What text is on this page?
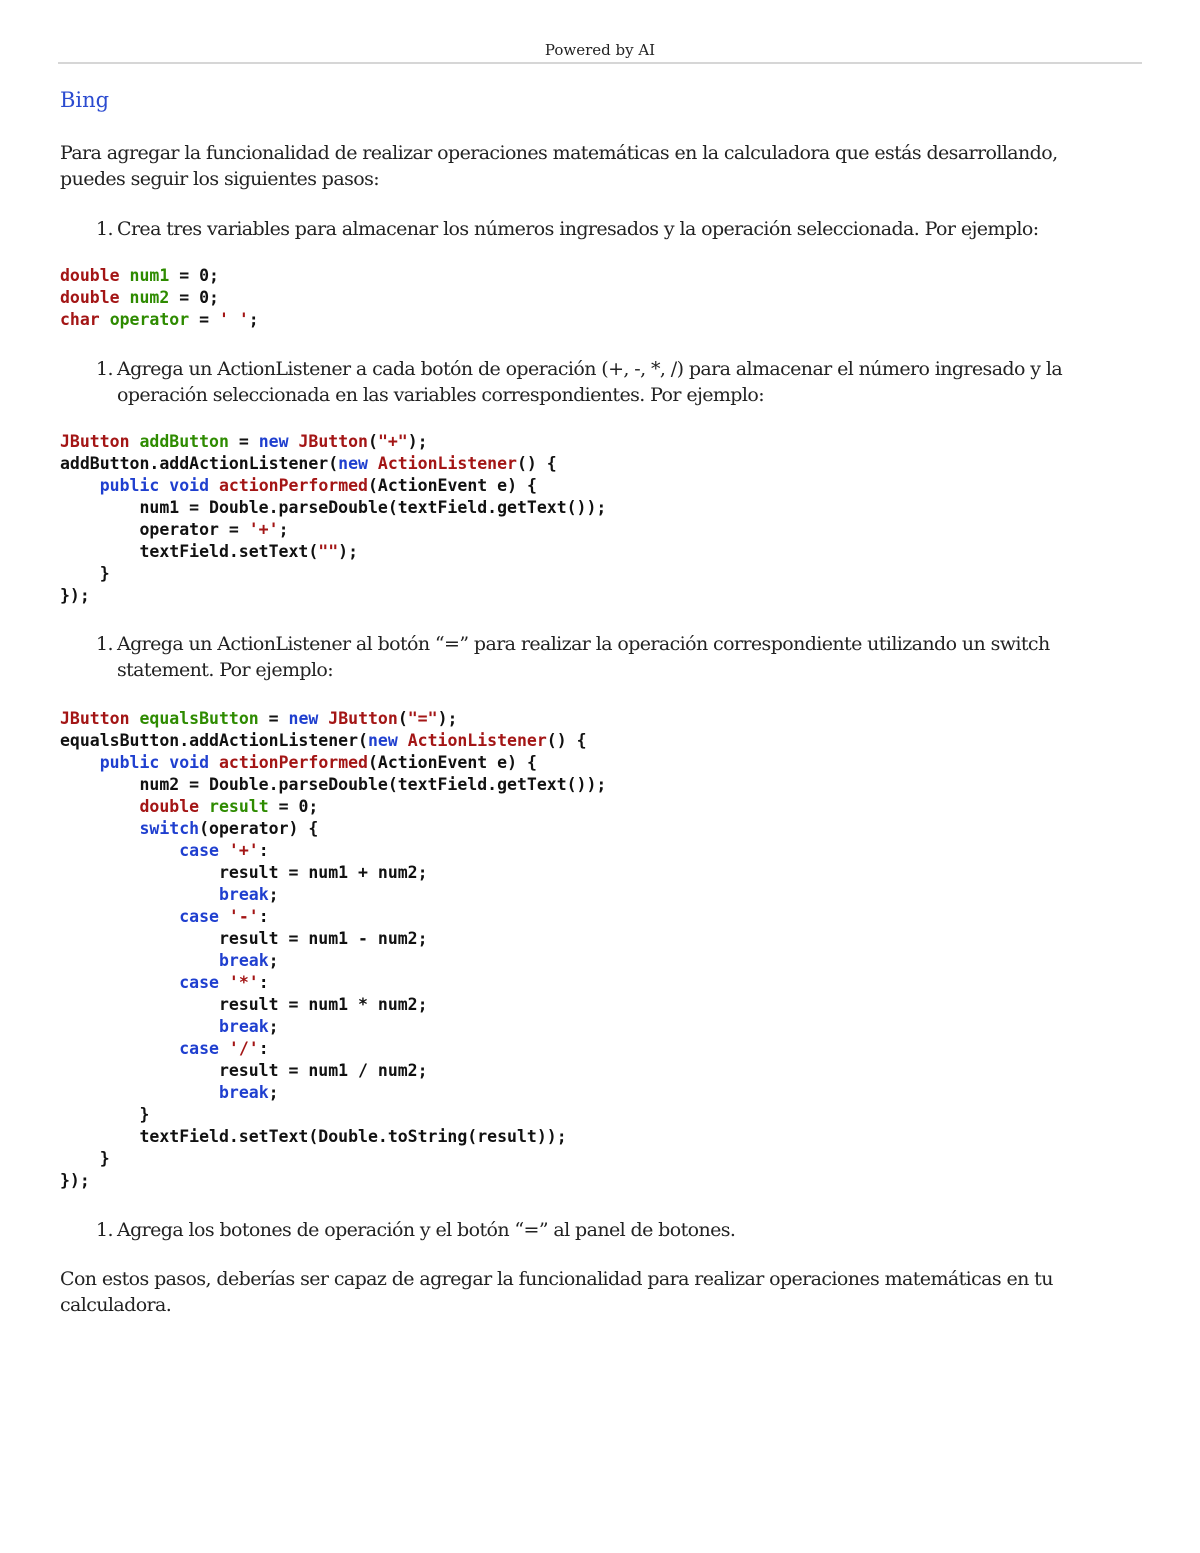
Powered by AI
Bing
Para agregar la funcionalidad de realizar operaciones matemáticas en la calculadora que estás desarrollando, puedes seguir los siguientes pasos:
1. Crea tres variables para almacenar los números ingresados y la operación seleccionada. Por ejemplo:
double num1 = 0;
double num2 = 0;
char operator = ' ';
1. Agrega un ActionListener a cada botón de operación (+, -, *, /) para almacenar el número ingresado y la operación seleccionada en las variables correspondientes. Por ejemplo:
JButton addButton = new JButton("+");
addButton.addActionListener(new ActionListener() {
public void actionPerformed(ActionEvent e) {
num1 = Double.parseDouble(textField.getText());
operator = '+';
textField.setText("");
}
});
1. Agrega un ActionListener al botón “=” para realizar la operación correspondiente utilizando un switch statement. Por ejemplo:
JButton equalsButton = new JButton("=");
equalsButton.addActionListener(new ActionListener() {
public void actionPerformed(ActionEvent e) {
num2 = Double.parseDouble(textField.getText());
double result = 0;
switch(operator) {
case '+':
result = num1 + num2;
break;
case '-':
result = num1 - num2;
break;
case '*':
result = num1 * num2;
break;
case '/':
result = num1 / num2;
break;
}
textField.setText(Double.toString(result));
}
});
1. Agrega los botones de operación y el botón “=” al panel de botones.
Con estos pasos, deberías ser capaz de agregar la funcionalidad para realizar operaciones matemáticas en tu calculadora.
